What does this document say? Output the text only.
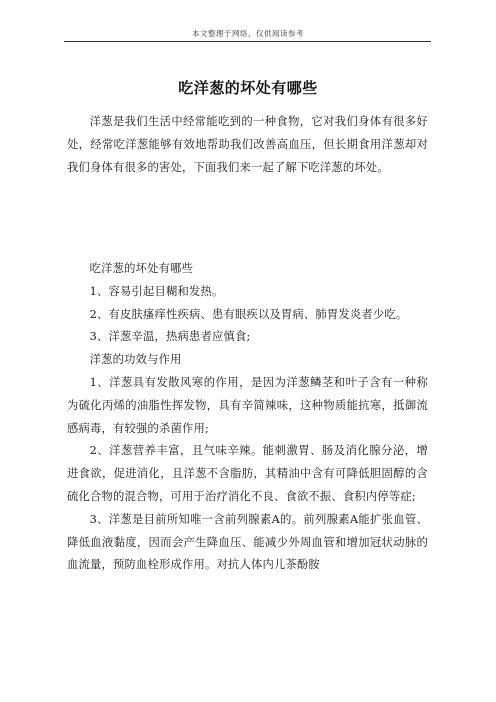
本文整理于网络，仅供阅读参考
吃洋葱的坏处有哪些

洋葱是我们生活中经常能吃到的一种食物，它对我们身体有很多好处，经常吃洋葱能够有效地帮助我们改善高血压，但长期食用洋葱却对我们身体有很多的害处，下面我们来一起了解下吃洋葱的坏处。

吃洋葱的坏处有哪些

1、容易引起目糊和发热。

2、有皮肤瘙痒性疾病、患有眼疾以及胃病、肺胃发炎者少吃。

3、洋葱辛温，热病患者应慎食;

洋葱的功效与作用

1、洋葱具有发散风寒的作用，是因为洋葱鳞茎和叶子含有一种称为硫化丙烯的油脂性挥发物，具有辛简辣味，这种物质能抗寒，抵御流感病毒，有较强的杀菌作用;

2、洋葱营养丰富，且气味辛辣。能刺激胃、肠及消化腺分泌，增进食欲，促进消化，且洋葱不含脂肪，其精油中含有可降低胆固醇的含硫化合物的混合物，可用于治疗消化不良、食欲不振、食积内停等症;

3、洋葱是目前所知唯一含前列腺素A的。前列腺素A能扩张血管、降低血液黏度，因而会产生降血压、能减少外周血管和增加冠状动脉的血流量，预防血栓形成作用。对抗人体内儿茶酚胺
